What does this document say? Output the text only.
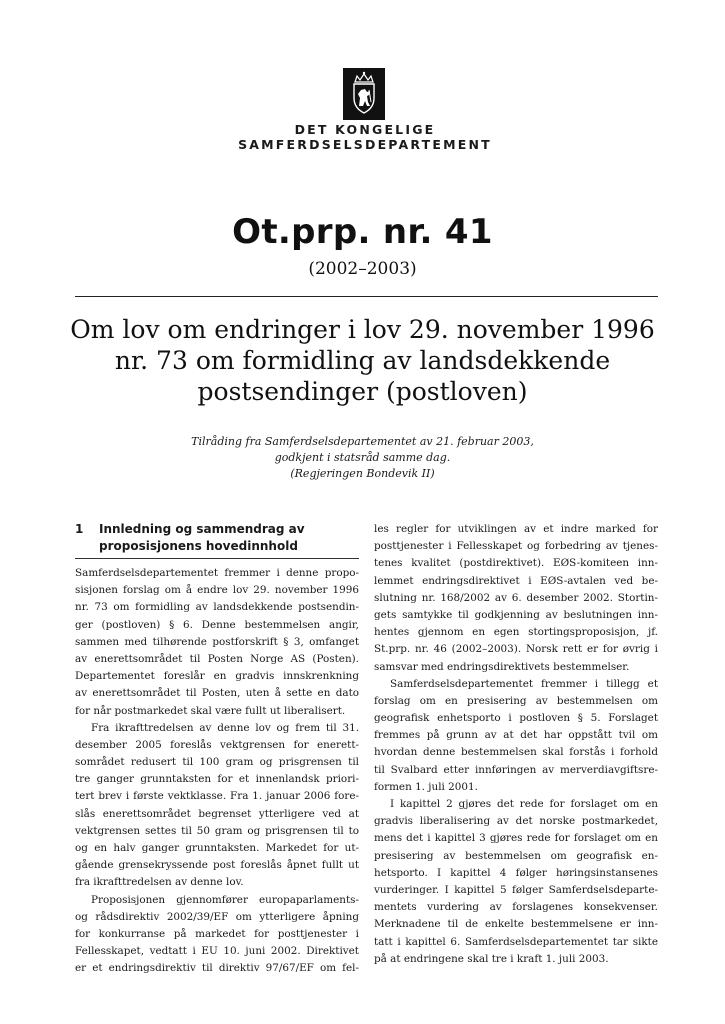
DET KONGELIGE
SAMFERDSELSDEPARTEMENT
Ot.prp. nr. 41
(2002–2003)
Om lov om endringer i lov 29. november 1996
nr. 73 om formidling av landsdekkende
postsendinger (postloven)
Tilråding fra Samferdselsdepartementet av 21. februar 2003,
godkjent i statsråd samme dag.
(Regjeringen Bondevik II)
1 Innledning og sammendrag av
proposisjonens hovedinnhold
Samferdselsdepartementet fremmer i denne propo-
sisjonen forslag om å endre lov 29. november 1996
nr. 73 om formidling av landsdekkende postsendin-
ger (postloven) § 6. Denne bestemmelsen angir,
sammen med tilhørende postforskrift § 3, omfanget
av enerettsområdet til Posten Norge AS (Posten).
Departementet foreslår en gradvis innskrenkning
av enerettsområdet til Posten, uten å sette en dato
for når postmarkedet skal være fullt ut liberalisert.
Fra ikrafttredelsen av denne lov og frem til 31.
desember 2005 foreslås vektgrensen for enerett-
sområdet redusert til 100 gram og prisgrensen til
tre ganger grunntaksten for et innenlandsk priori-
tert brev i første vektklasse. Fra 1. januar 2006 fore-
slås enerettsområdet begrenset ytterligere ved at
vektgrensen settes til 50 gram og prisgrensen til to
og en halv ganger grunntaksten. Markedet for ut-
gående grensekryssende post foreslås åpnet fullt ut
fra ikrafttredelsen av denne lov.
Proposisjonen gjennomfører europaparlaments-
og rådsdirektiv 2002/39/EF om ytterligere åpning
for konkurranse på markedet for posttjenester i
Fellesskapet, vedtatt i EU 10. juni 2002. Direktivet
er et endringsdirektiv til direktiv 97/67/EF om fel-
les regler for utviklingen av et indre marked for
posttjenester i Fellesskapet og forbedring av tjenes-
tenes kvalitet (postdirektivet). EØS-komiteen inn-
lemmet endringsdirektivet i EØS-avtalen ved be-
slutning nr. 168/2002 av 6. desember 2002. Stortin-
gets samtykke til godkjenning av beslutningen inn-
hentes gjennom en egen stortingsproposisjon, jf.
St.prp. nr. 46 (2002–2003). Norsk rett er for øvrig i
samsvar med endringsdirektivets bestemmelser.
Samferdselsdepartementet fremmer i tillegg et
forslag om en presisering av bestemmelsen om
geografisk enhetsporto i postloven § 5. Forslaget
fremmes på grunn av at det har oppstått tvil om
hvordan denne bestemmelsen skal forstås i forhold
til Svalbard etter innføringen av merverdiavgiftsre-
formen 1. juli 2001.
I kapittel 2 gjøres det rede for forslaget om en
gradvis liberalisering av det norske postmarkedet,
mens det i kapittel 3 gjøres rede for forslaget om en
presisering av bestemmelsen om geografisk en-
hetsporto. I kapittel 4 følger høringsinstansenes
vurderinger. I kapittel 5 følger Samferdselsdeparte-
mentets vurdering av forslagenes konsekvenser.
Merknadene til de enkelte bestemmelsene er inn-
tatt i kapittel 6. Samferdselsdepartementet tar sikte
på at endringene skal tre i kraft 1. juli 2003.
